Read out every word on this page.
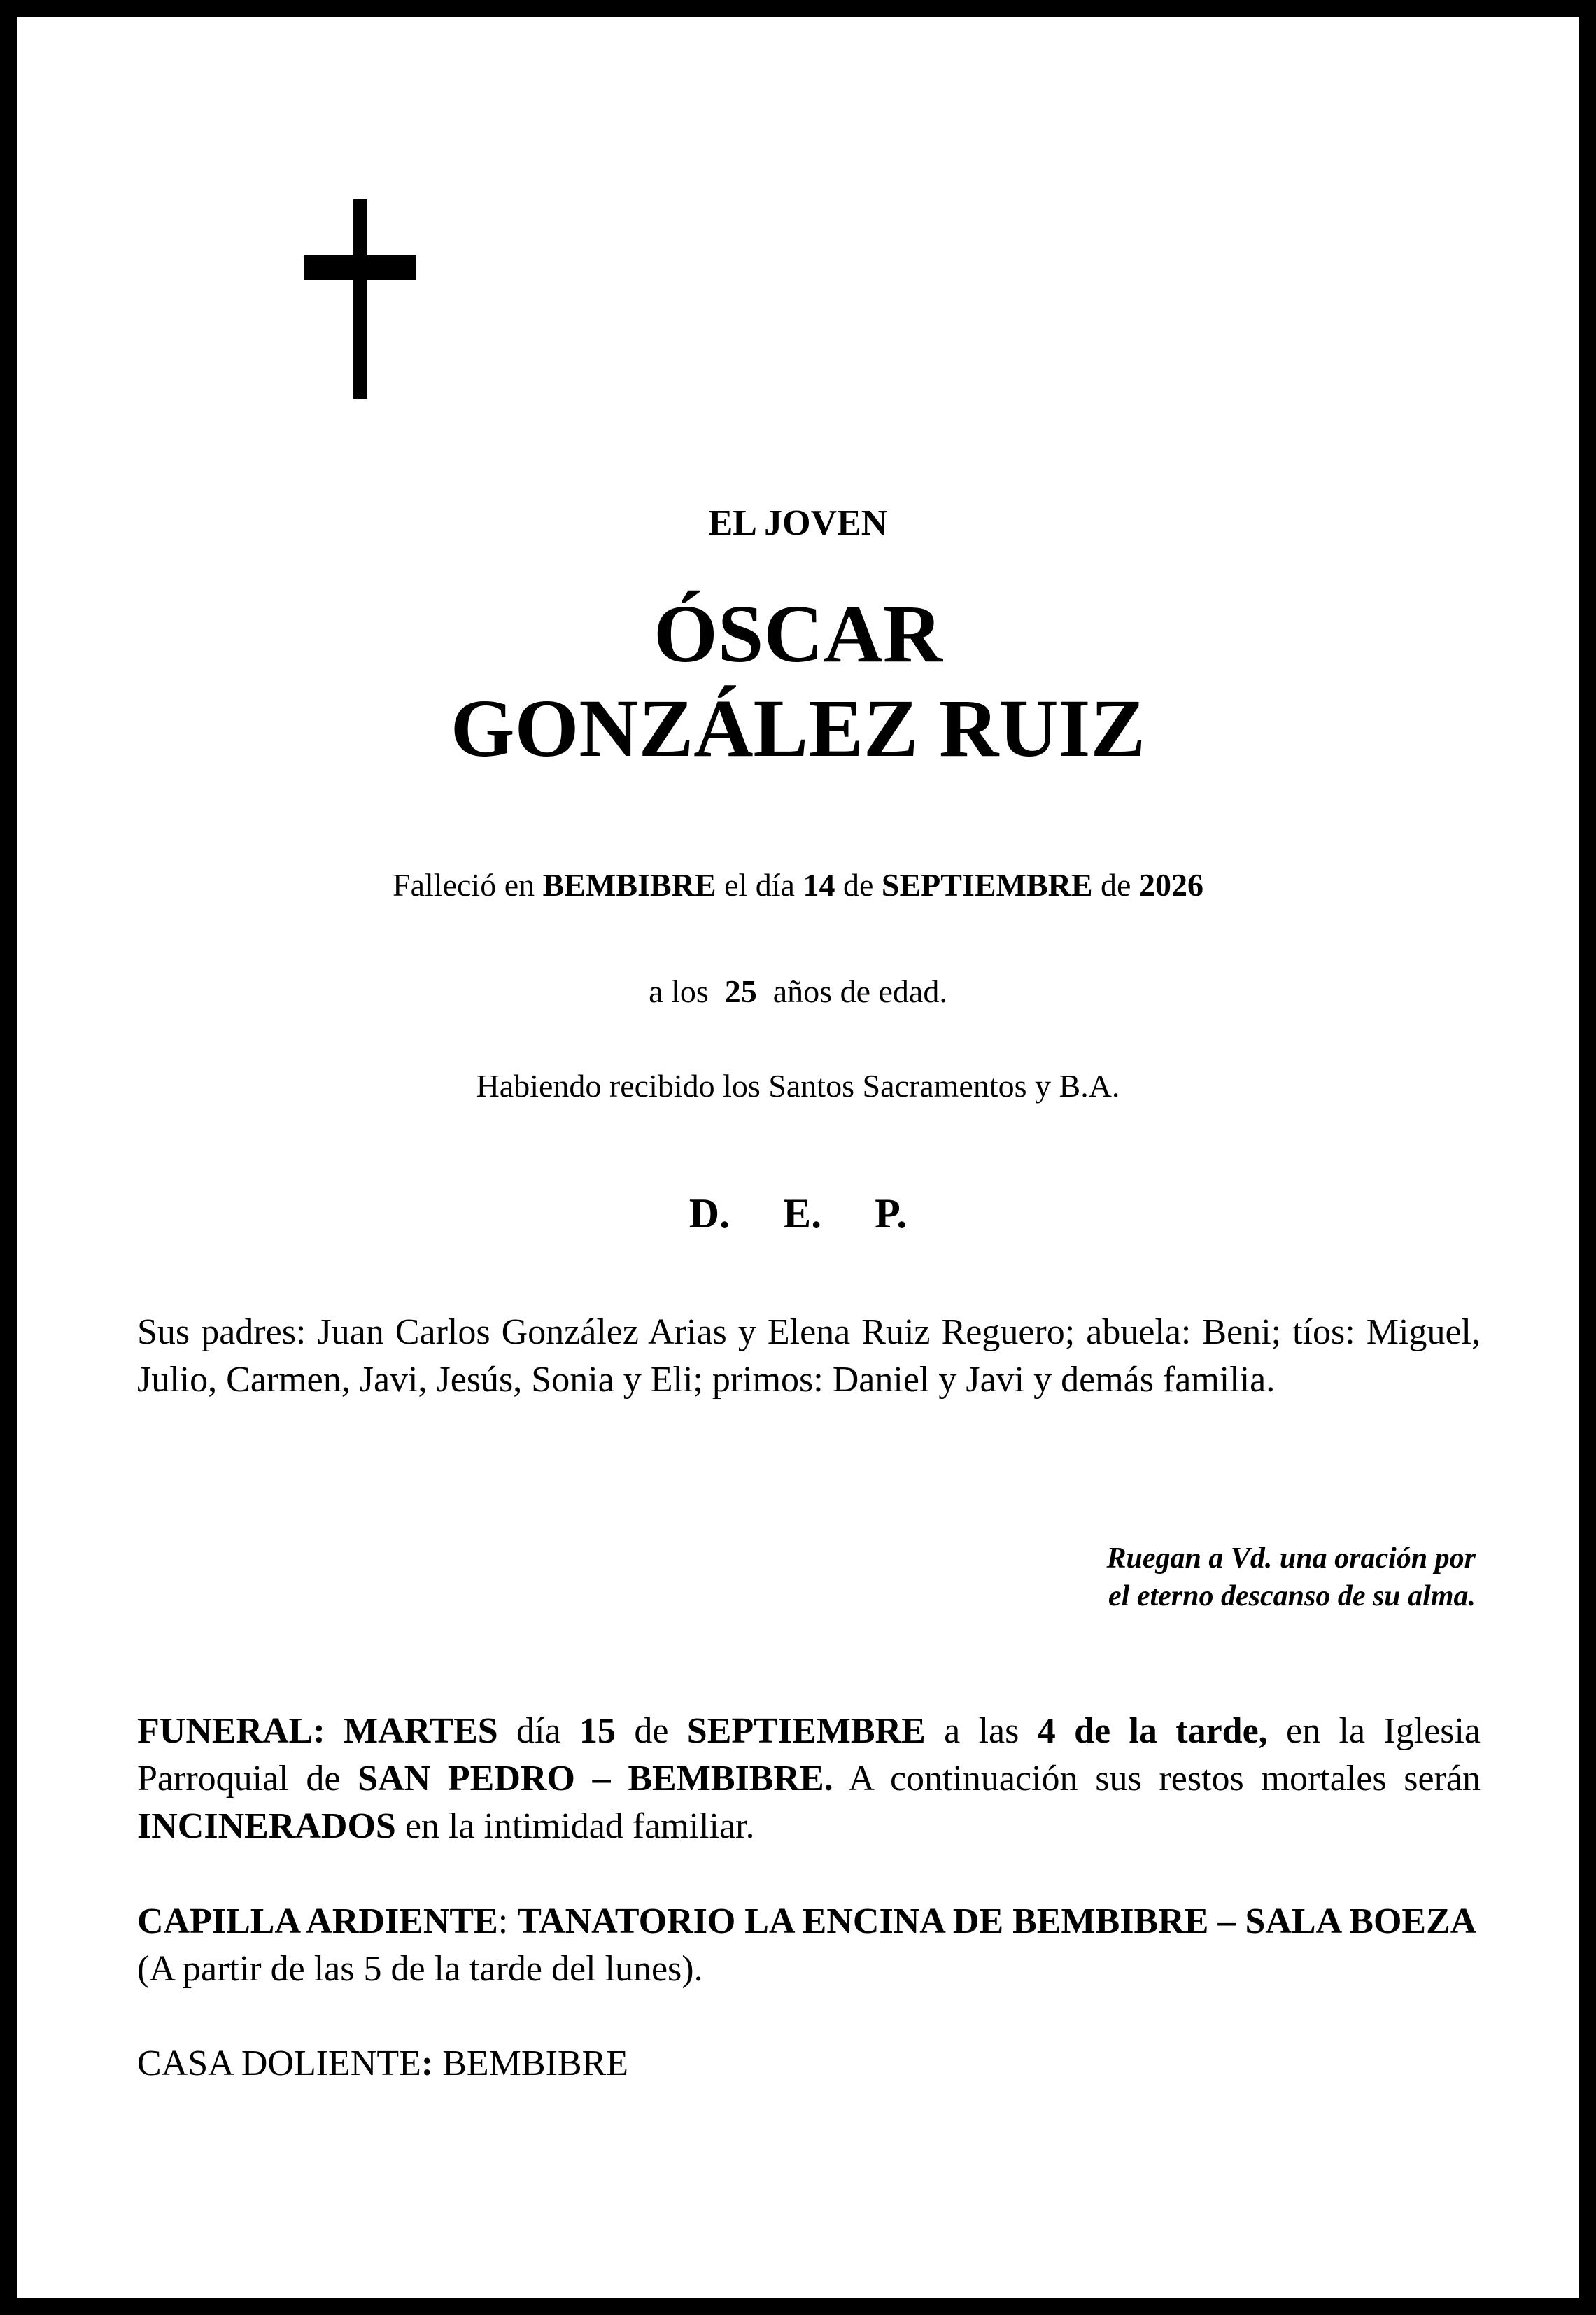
EL JOVEN
ÓSCAR
GONZÁLEZ RUIZ
Falleció en BEMBIBRE el día 14 de SEPTIEMBRE de 2026
a los  25  años de edad.
Habiendo recibido los Santos Sacramentos y B.A.
D. E. P.
Sus padres: Juan Carlos González Arias y Elena Ruiz Reguero; abuela: Beni; tíos: Miguel, Julio, Carmen, Javi, Jesús, Sonia y Eli; primos: Daniel y Javi y demás familia.
Ruegan a Vd. una oración por
el eterno descanso de su alma.
FUNERAL: MARTES día 15 de SEPTIEMBRE a las 4 de la tarde, en la Iglesia Parroquial de SAN PEDRO – BEMBIBRE. A continuación sus restos mortales serán INCINERADOS en la intimidad familiar.
CAPILLA ARDIENTE: TANATORIO LA ENCINA DE BEMBIBRE – SALA BOEZA (A partir de las 5 de la tarde del lunes).
CASA DOLIENTE: BEMBIBRE
